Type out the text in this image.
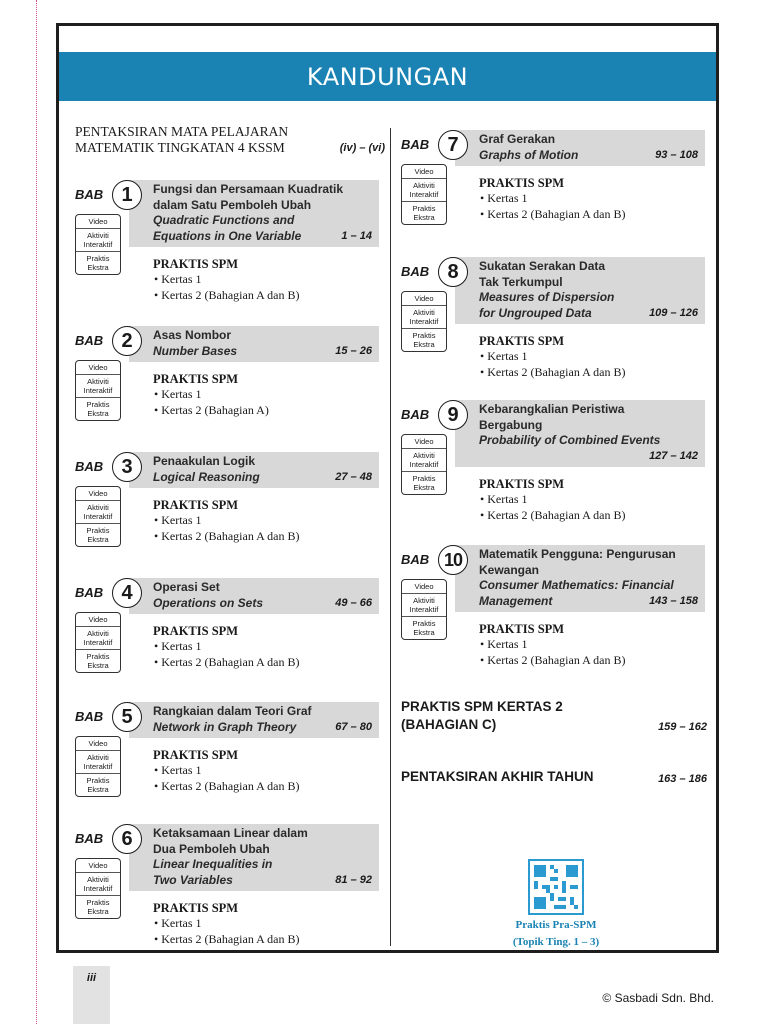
KANDUNGAN
PENTAKSIRAN MATA PELAJARAN
MATEMATIK TINGKATAN 4 KSSM	(iv) – (vi)
BAB 1	Fungsi dan Persamaan Kuadratik
dalam Satu Pemboleh Ubah
Quadratic Functions and
Equations in One Variable	1 – 14
Video
Aktiviti Interaktif
Praktis Ekstra	PRAKTIS SPM
• Kertas 1
• Kertas 2 (Bahagian A dan B)
BAB 2	Asas Nombor
Number Bases	15 – 26
Video
Aktiviti Interaktif
Praktis Ekstra
PRAKTIS SPM
• Kertas 1
• Kertas 2 (Bahagian A)
BAB 3	Penaakulan Logik
Logical Reasoning	27 – 48
Video
Aktiviti Interaktif
Praktis Ekstra
PRAKTIS SPM
• Kertas 1
• Kertas 2 (Bahagian A dan B)
BAB 4	Operasi Set
Operations on Sets	49 – 66
Video
Aktiviti Interaktif
Praktis Ekstra
PRAKTIS SPM
• Kertas 1
• Kertas 2 (Bahagian A dan B)
BAB 5	Rangkaian dalam Teori Graf
Network in Graph Theory	67 – 80
Video
Aktiviti Interaktif
Praktis Ekstra
PRAKTIS SPM
• Kertas 1
• Kertas 2 (Bahagian A dan B)
BAB 6	Ketaksamaan Linear dalam
Dua Pemboleh Ubah
Linear Inequalities in
Two Variables	81 – 92
Video
Aktiviti Interaktif
Praktis Ekstra	PRAKTIS SPM
• Kertas 1
• Kertas 2 (Bahagian A dan B)
BAB 7	Graf Gerakan
Graphs of Motion	93 – 108
Video
Aktiviti Interaktif
Praktis Ekstra
PRAKTIS SPM
• Kertas 1
• Kertas 2 (Bahagian A dan B)
BAB 8	Sukatan Serakan Data
Tak Terkumpul
Measures of Dispersion
for Ungrouped Data	109 – 126
Video
Aktiviti Interaktif
Praktis Ekstra	PRAKTIS SPM
• Kertas 1
• Kertas 2 (Bahagian A dan B)
BAB 9	Kebarangkalian Peristiwa
Bergabung
Probability of Combined Events

127 – 142
Video
Aktiviti Interaktif
Praktis Ekstra	PRAKTIS SPM
• Kertas 1
• Kertas 2 (Bahagian A dan B)
BAB 10	Matematik Pengguna: Pengurusan
Kewangan
Consumer Mathematics: Financial
Management	143 – 158
Video
Aktiviti Interaktif
Praktis Ekstra	PRAKTIS SPM
• Kertas 1
• Kertas 2 (Bahagian A dan B)
PRAKTIS SPM KERTAS 2
(BAHAGIAN C)	159 – 162
PENTAKSIRAN AKHIR TAHUN	163 – 186
Praktis Pra-SPM
(Topik Ting. 1 – 3)
iii
© Sasbadi Sdn. Bhd.
